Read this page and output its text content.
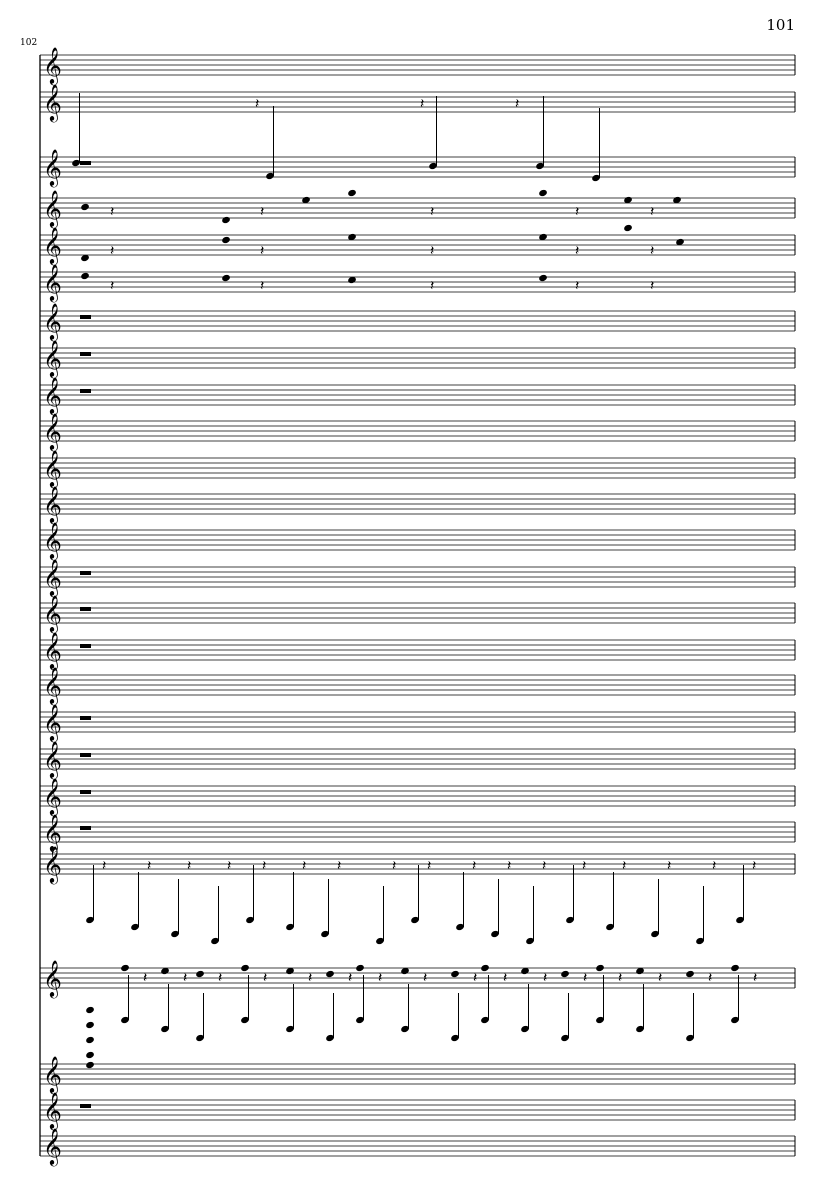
101
102
𝄞
𝄞
𝄞
𝄞
𝄞
𝄞
𝄞
𝄞
𝄞
𝄞
𝄞
𝄞
𝄞
𝄞
𝄞
𝄞
𝄞
𝄞
𝄞
𝄞
𝄞
𝄞
𝄞
𝄞
𝄞
𝄞
𝄽	𝄽	𝄽
𝄽
𝄽
𝄽
𝄽
𝄽
𝄽
𝄽
𝄽
𝄽
𝄽
𝄽
𝄽
𝄽
𝄽
𝄽
𝄽	𝄽	𝄽	𝄽 𝄽	𝄽 𝄽	𝄽 𝄽	𝄽 𝄽 𝄽	𝄽	𝄽	𝄽	𝄽	𝄽
𝄽	𝄽 𝄽	𝄽	𝄽	𝄽 𝄽	𝄽	𝄽 𝄽	𝄽	𝄽 𝄽	𝄽	𝄽	𝄽
